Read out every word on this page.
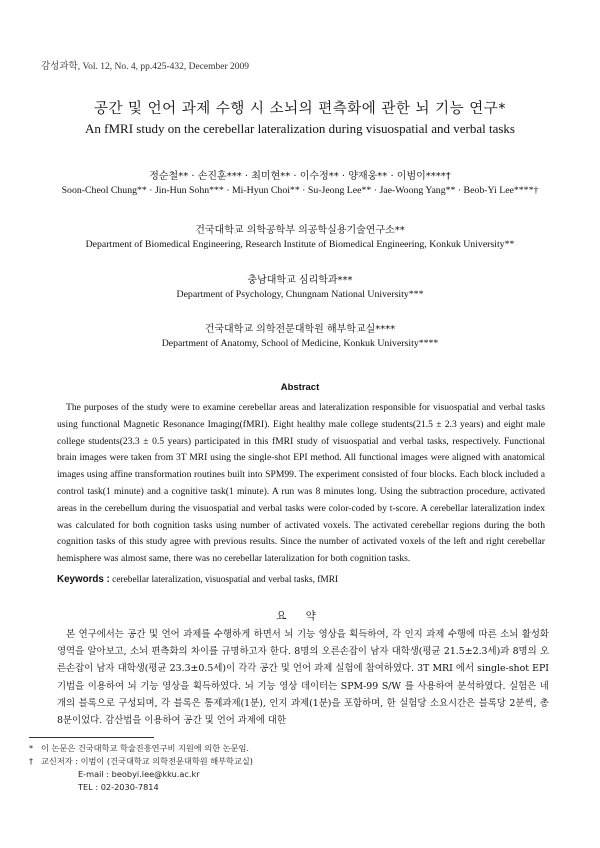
감성과학, Vol. 12, No. 4, pp.425-432, December 2009
공간 및 언어 과제 수행 시 소뇌의 편측화에 관한 뇌 기능 연구*
An fMRI study on the cerebellar lateralization during visuospatial and verbal tasks
정순철** · 손진훈*** · 최미현** · 이수정** · 양재웅** · 이범이****†
Soon-Cheol Chung** · Jin-Hun Sohn*** · Mi-Hyun Choi** · Su-Jeong Lee** · Jae-Woong Yang** · Beob-Yi Lee****†
건국대학교 의학공학부 의공학실용기술연구소**
Department of Biomedical Engineering, Research Institute of Biomedical Engineering, Konkuk University**
충남대학교 심리학과***
Department of Psychology, Chungnam National University***
건국대학교 의학전문대학원 해부학교실****
Department of Anatomy, School of Medicine, Konkuk University****
Abstract

The purposes of the study were to examine cerebellar areas and lateralization responsible for visuospatial and verbal tasks using functional Magnetic Resonance Imaging(fMRI). Eight healthy male college students(21.5 ± 2.3 years) and eight male college students(23.3 ± 0.5 years) participated in this fMRI study of visuospatial and verbal tasks, respectively. Functional brain images were taken from 3T MRI using the single-shot EPI method. All functional images were aligned with anatomical images using affine transformation routines built into SPM99. The experiment consisted of four blocks. Each block included a control task(1 minute) and a cognitive task(1 minute). A run was 8 minutes long. Using the subtraction procedure, activated areas in the cerebellum during the visuospatial and verbal tasks were color-coded by t-score. A cerebellar lateralization index was calculated for both cognition tasks using number of activated voxels. The activated cerebellar regions during the both cognition tasks of this study agree with previous results. Since the number of activated voxels of the left and right cerebellar hemisphere was almost same, there was no cerebellar lateralization for both cognition tasks.

Keywords : cerebellar lateralization, visuospatial and verbal tasks, fMRI
요 약

본 연구에서는 공간 및 언어 과제를 수행하게 하면서 뇌 기능 영상을 획득하여, 각 인지 과제 수행에 따른 소뇌 활성화 영역을 알아보고, 소뇌 편측화의 차이를 규명하고자 한다. 8명의 오른손잡이 남자 대학생(평균 21.5±2.3세)과 8명의 오른손잡이 남자 대학생(평균 23.3±0.5세)이 각각 공간 및 언어 과제 실험에 참여하였다. 3T MRI 에서 single-shot EPI 기법을 이용하여 뇌 기능 영상을 획득하였다. 뇌 기능 영상 데이터는 SPM-99 S/W 를 사용하여 분석하였다. 실험은 네 개의 블록으로 구성되며, 각 블록은 통제과제(1분), 인지 과제(1분)을 포함하며, 한 실험당 소요시간은 블록당 2분씩, 총 8분이었다. 감산법을 이용하여 공간 및 언어 과제에 대한

* 이 논문은 건국대학교 학술진흥연구비 지원에 의한 논문임.
† 교신저자 : 이범이 (건국대학교 의학전문대학원 해부학교실)
E-mail : beobyi.lee@kku.ac.kr
TEL : 02-2030-7814
